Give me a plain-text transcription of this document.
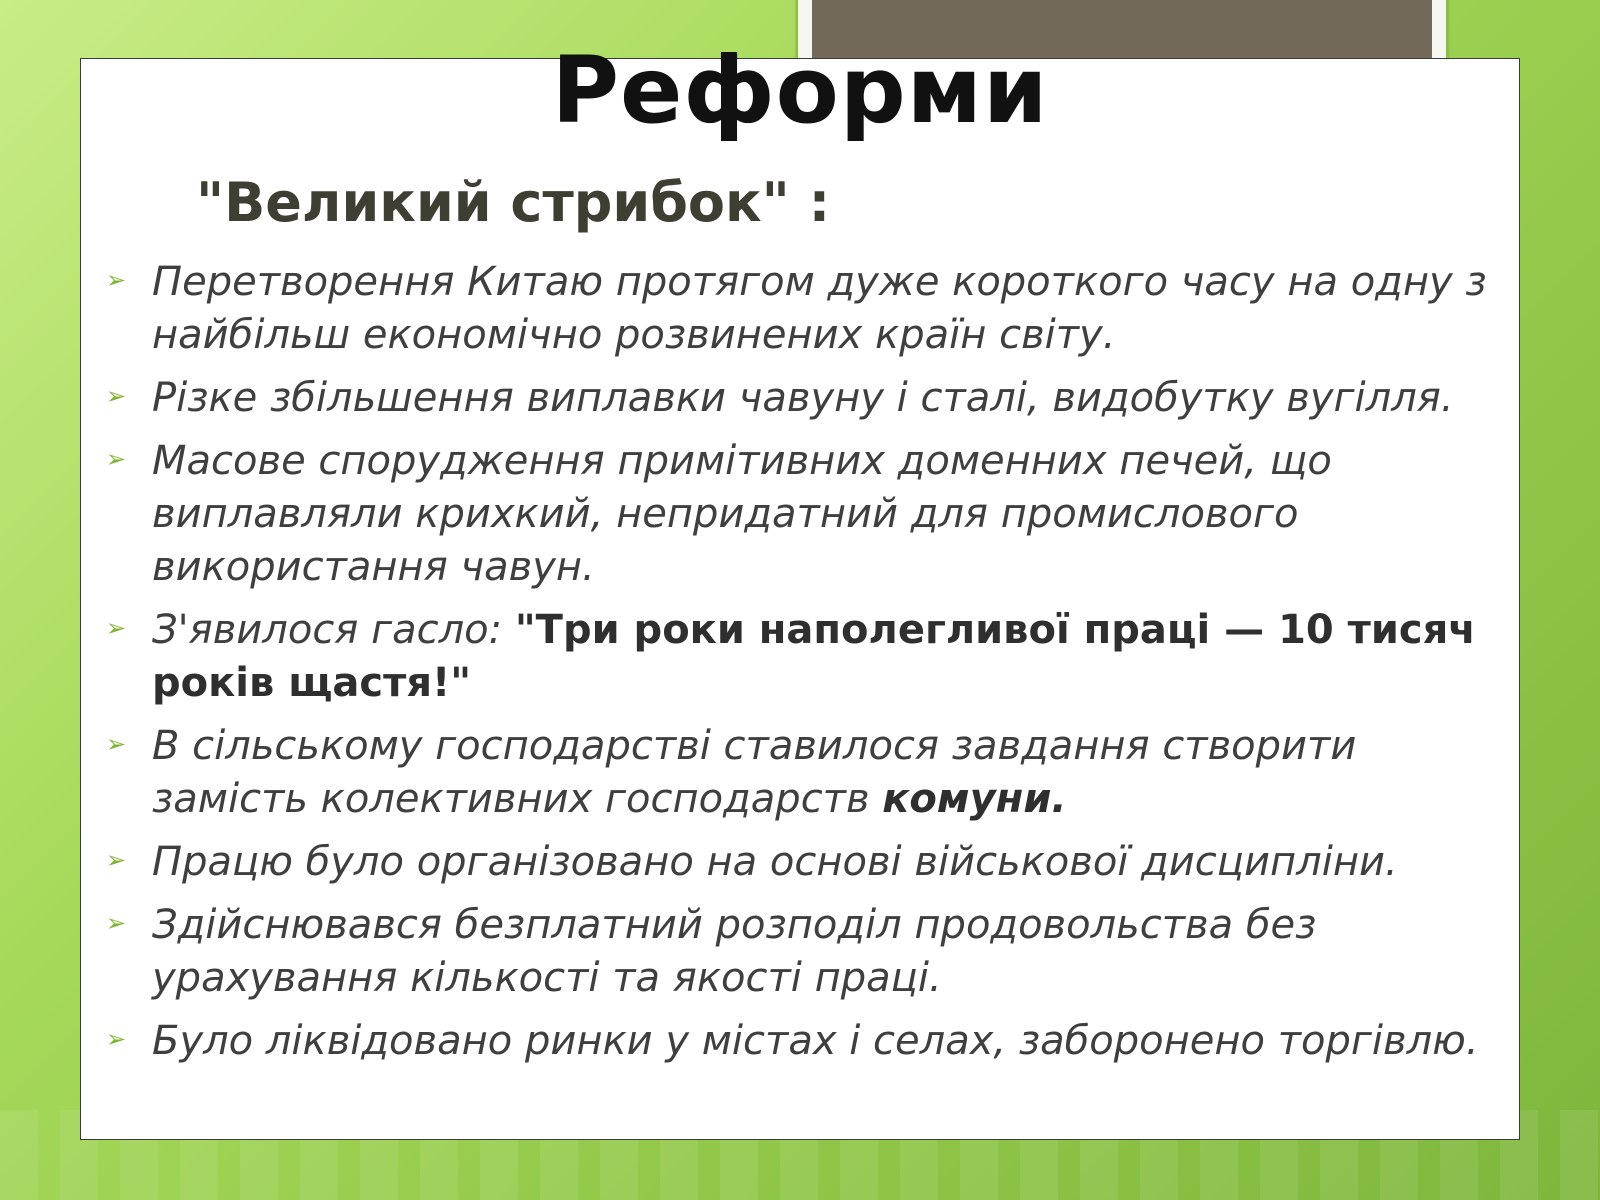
Реформи
"Великий стрибок" :
➢ Перетворення Китаю протягом дуже короткого часу на одну з найбільш економічно розвинених країн світу.
➢ Різке збільшення виплавки чавуну і сталі, видобутку вугілля.
➢ Масове спорудження примітивних доменних печей, що виплавляли крихкий, непридатний для промислового використання чавун.
➢ З'явилося гасло: "Три роки наполегливої праці — 10 тисяч років щастя!"
➢ В сільському господарстві ставилося завдання створити замість колективних господарств комуни.
➢ Працю було організовано на основі військової дисципліни.
➢ Здійснювався безплатний розподіл продовольства без урахування кількості та якості праці.
➢ Було ліквідовано ринки у містах і селах, заборонено торгівлю.
